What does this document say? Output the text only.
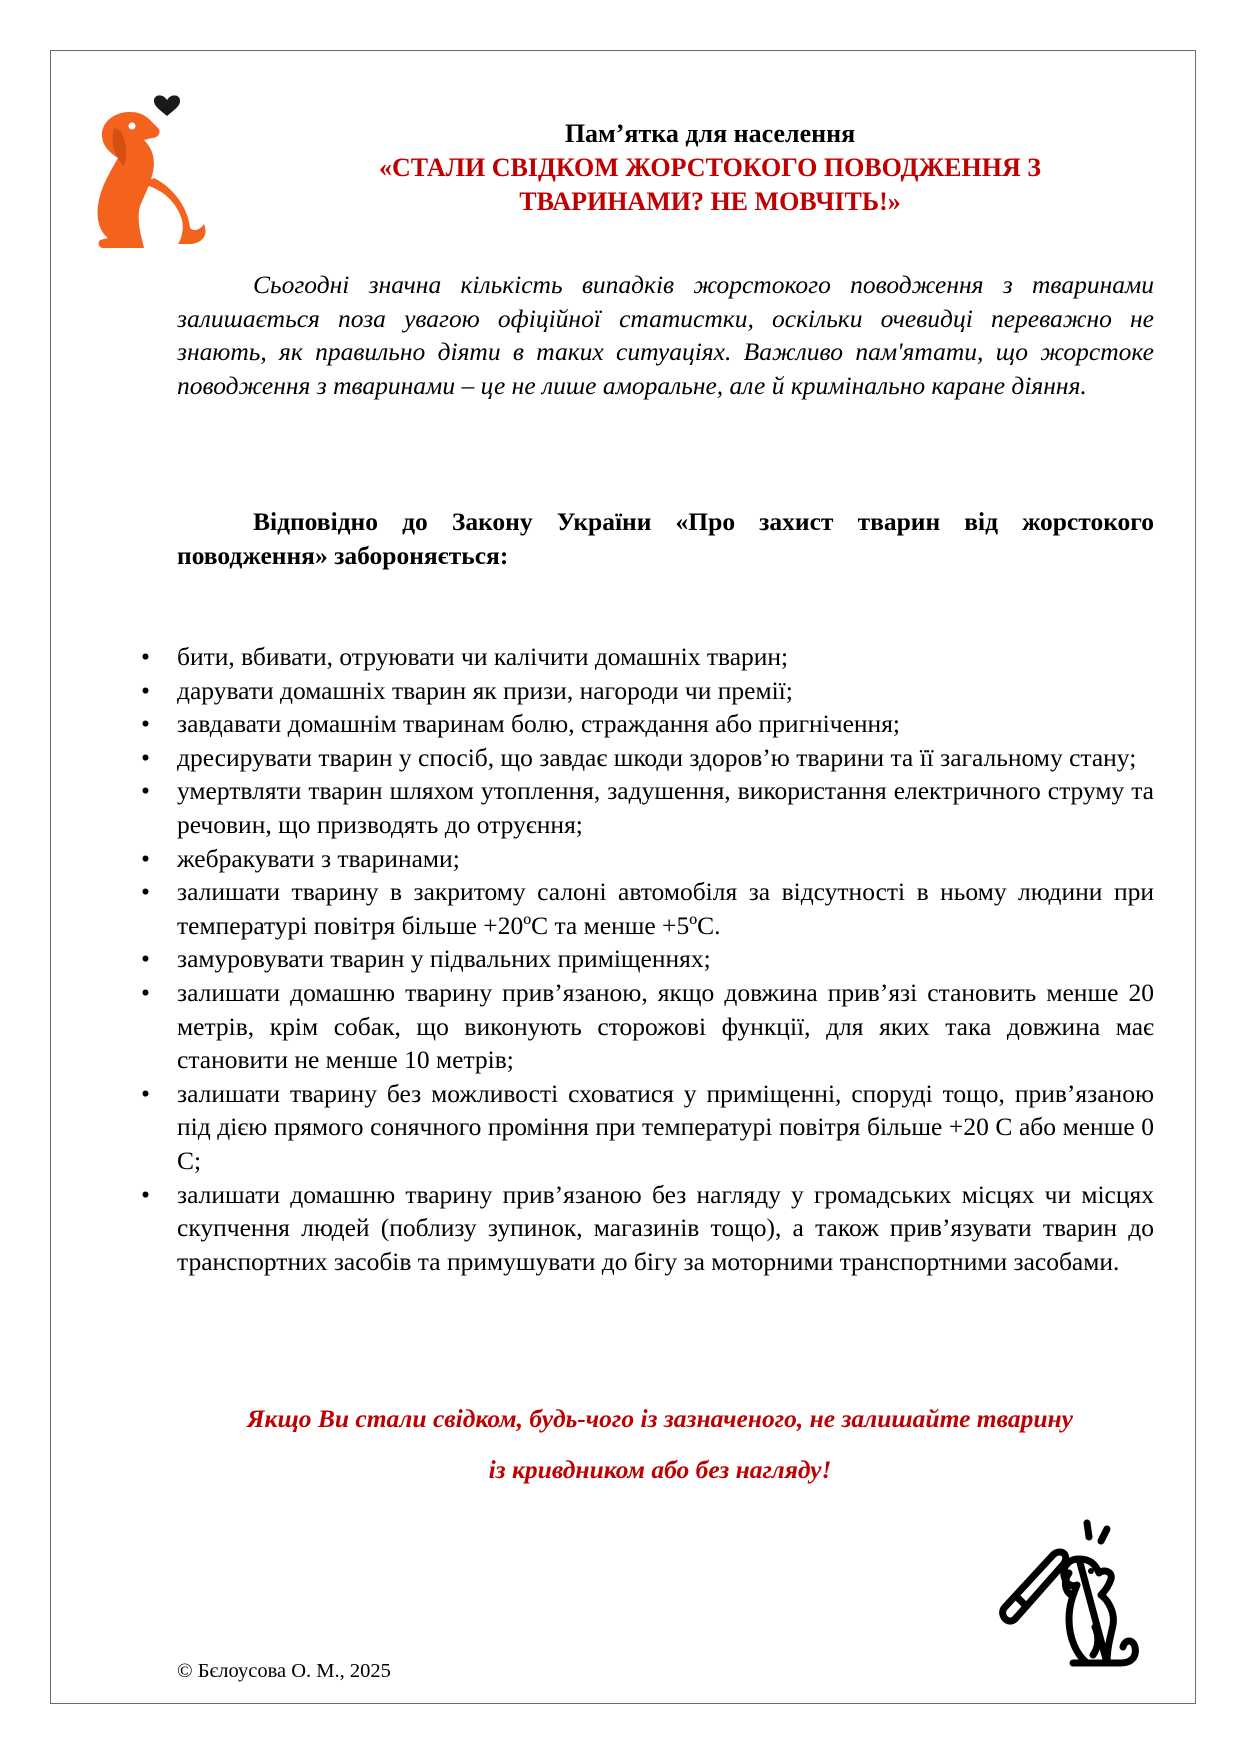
Пам’ятка для населення
«СТАЛИ СВІДКОМ ЖОРСТОКОГО ПОВОДЖЕННЯ З
ТВАРИНАМИ? НЕ МОВЧІТЬ!»

Сьогодні значна кількість випадків жорстокого поводження з тваринами залишається поза увагою офіційної статистки, оскільки очевидці переважно не знають, як правильно діяти в таких ситуаціях. Важливо пам'ятати, що жорстоке поводження з тваринами – це не лише аморальне, але й кримінально каране діяння.

Відповідно до Закону України «Про захист тварин від жорстокого поводження» забороняється:

• бити, вбивати, отруювати чи калічити домашніх тварин;
• дарувати домашніх тварин як призи, нагороди чи премії;
• завдавати домашнім тваринам болю, страждання або пригнічення;
• дресирувати тварин у спосіб, що завдає шкоди здоров’ю тварини та її загальному стану;
• умертвляти тварин шляхом утоплення, задушення, використання електричного струму та речовин, що призводять до отруєння;
• жебракувати з тваринами;
• залишати тварину в закритому салоні автомобіля за відсутності в ньому людини при температурі повітря більше +20ºС та менше +5ºС.
• замуровувати тварин у підвальних приміщеннях;
• залишати домашню тварину прив’язаною, якщо довжина прив’язі становить менше 20 метрів, крім собак, що виконують сторожові функції, для яких така довжина має становити не менше 10 метрів;
• залишати тварину без можливості сховатися у приміщенні, споруді тощо, прив’язаною під дією прямого сонячного проміння при температурі повітря більше +20 С або менше 0 С;
• залишати домашню тварину прив’язаною без нагляду у громадських місцях чи місцях скупчення людей (поблизу зупинок, магазинів тощо), а також прив’язувати тварин до транспортних засобів та примушувати до бігу за моторними транспортними засобами.
Якщо Ви стали свідком, будь-чого із зазначеного, не залишайте тварину
із кривдником або без нагляду!
© Бєлоусова О. М., 2025
